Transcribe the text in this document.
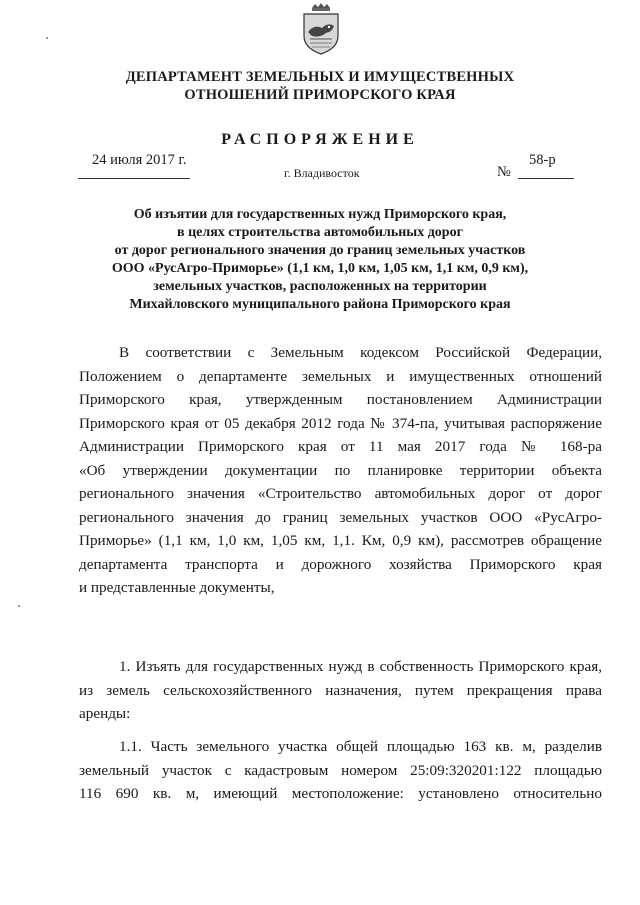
ДЕПАРТАМЕНТ ЗЕМЕЛЬНЫХ И ИМУЩЕСТВЕННЫХ
ОТНОШЕНИЙ ПРИМОРСКОГО КРАЯ
РАСПОРЯЖЕНИЕ
24 июля 2017 г.
г. Владивосток	№
58-р
Об изъятии для государственных нужд Приморского края,
в целях строительства автомобильных дорог
от дорог регионального значения до границ земельных участков
ООО «РусАгро-Приморье» (1,1 км, 1,0 км, 1,05 км, 1,1 км, 0,9 км),
земельных участков, расположенных на территории
Михайловского муниципального района Приморского края
В соответствии с Земельным кодексом Российской Федерации,
Положением о департаменте земельных и имущественных отношений
Приморского края, утвержденным постановлением Администрации
Приморского края от 05 декабря 2012 года № 374-па, учитывая распоряжение
Администрации Приморского края от 11 мая 2017 года № 168-ра
«Об утверждении документации по планировке территории объекта
регионального значения «Строительство автомобильных дорог от дорог
регионального значения до границ земельных участков ООО «РусАгро-
Приморье» (1,1 км, 1,0 км, 1,05 км, 1,1. Км, 0,9 км), рассмотрев обращение
департамента транспорта и дорожного хозяйства Приморского края
и представленные документы,
1. Изъять для государственных нужд в собственность Приморского края,
из земель сельскохозяйственного назначения, путем прекращения права
аренды:
1.1. Часть земельного участка общей площадью 163 кв. м, разделив
земельный участок с кадастровым номером 25:09:320201:122 площадью
116 690 кв. м, имеющий местоположение: установлено относительно
